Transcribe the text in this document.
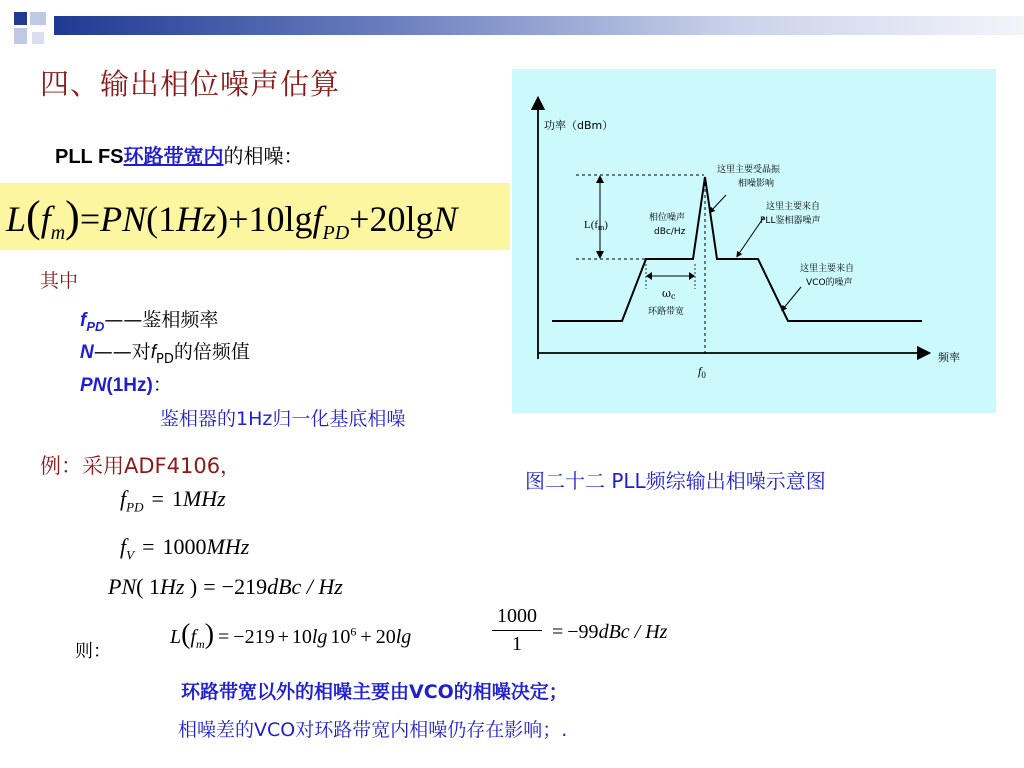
四、输出相位噪声估算
PLL FS环路带宽内的相噪：
$L(f_m)=PN(1Hz)+10\lg f_{PD}+20\lg N$
其中
$f_{PD}——$鉴相频率
N——对$f_{PD}$的倍频值
PN(1Hz)：
鉴相器的1Hz归一化基底相噪
例：采用ADF4106，
$f_{PD} = 1MHz$
$f_V = 1000MHz$
PN( 1Hz ) = −219dBc / Hz
则：
$L(f_m) = -219 + 10\lg$ $10^6 + 20\lg$
1000
1
= −99dBc / Hz
环路带宽以外的相噪主要由VCO的相噪决定；
相噪差的VCO对环路带宽内相噪仍存在影响；.
功率（dBm）
频率
$f_0$
L(fm)
相位噪声
dBc/Hz
ωc
环路带宽
这里主要受晶振相噪影响
这里主要来自 PLL鉴相器噪声
这里主要来自 VCO的噪声
图二十二 PLL频综输出相噪示意图
